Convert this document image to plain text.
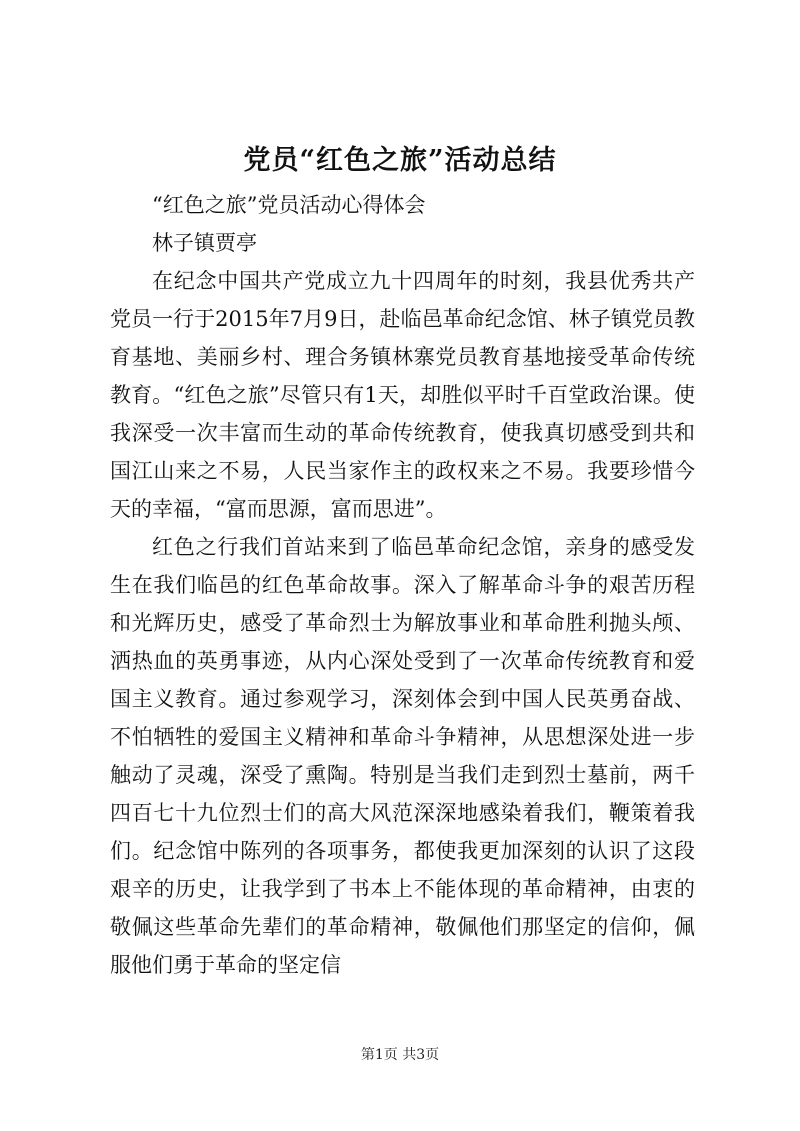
党员“红色之旅”活动总结

“红色之旅”党员活动心得体会

林子镇贾亭

在纪念中国共产党成立九十四周年的时刻，我县优秀共产党员一行于2015年7月9日，赴临邑革命纪念馆、林子镇党员教育基地、美丽乡村、理合务镇林寨党员教育基地接受革命传统教育。“红色之旅”尽管只有1天，却胜似平时千百堂政治课。使我深受一次丰富而生动的革命传统教育，使我真切感受到共和国江山来之不易，人民当家作主的政权来之不易。我要珍惜今天的幸福，“富而思源，富而思进”。

红色之行我们首站来到了临邑革命纪念馆，亲身的感受发生在我们临邑的红色革命故事。深入了解革命斗争的艰苦历程和光辉历史，感受了革命烈士为解放事业和革命胜利抛头颅、洒热血的英勇事迹，从内心深处受到了一次革命传统教育和爱国主义教育。通过参观学习，深刻体会到中国人民英勇奋战、不怕牺牲的爱国主义精神和革命斗争精神，从思想深处进一步触动了灵魂，深受了熏陶。特别是当我们走到烈士墓前，两千四百七十九位烈士们的高大风范深深地感染着我们，鞭策着我们。纪念馆中陈列的各项事务，都使我更加深刻的认识了这段艰辛的历史，让我学到了书本上不能体现的革命精神，由衷的敬佩这些革命先辈们的革命精神，敬佩他们那坚定的信仰，佩服他们勇于革命的坚定信

第1页 共3页
